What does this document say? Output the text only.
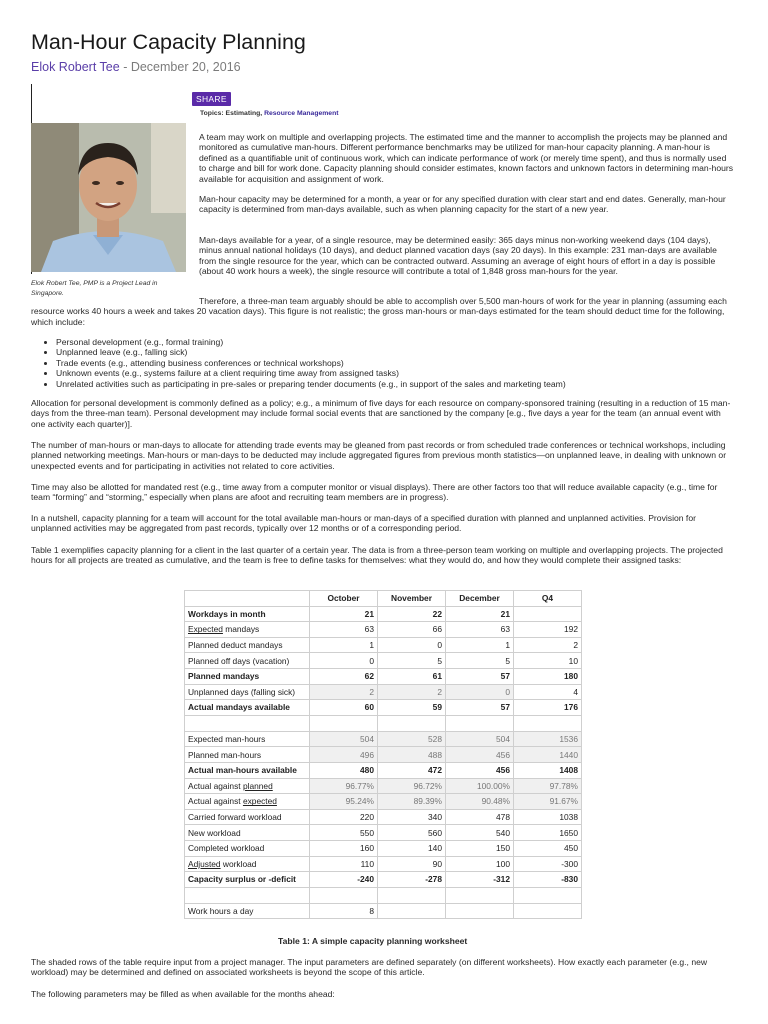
Man-Hour Capacity Planning
Elok Robert Tee - December 20, 2016
Elok Robert Tee, PMP is a Project Lead in Singapore.
SHARE
Topics: Estimating, Resource Management

A team may work on multiple and overlapping projects. The estimated time and the manner to accomplish the projects may be planned and monitored as cumulative man-hours. Different performance benchmarks may be utilized for man-hour capacity planning. A man-hour is defined as a quantifiable unit of continuous work, which can indicate performance of work (or merely time spent), and thus is normally used to charge and bill for work done. Capacity planning should consider estimates, known factors and unknown factors in determining man-hours available for acquisition and assignment of work.

Man-hour capacity may be determined for a month, a year or for any specified duration with clear start and end dates. Generally, man-hour capacity is determined from man-days available, such as when planning capacity for the start of a new year.

Man-days available for a year, of a single resource, may be determined easily: 365 days minus non-working weekend days (104 days), minus annual national holidays (10 days), and deduct planned vacation days (say 20 days). In this example: 231 man-days are available from the single resource for the year, which can be contracted outward. Assuming an average of eight hours of effort in a day is possible (about 40 work hours a week), the single resource will contribute a total of 1,848 gross man-hours for the year.

Therefore, a three-man team arguably should be able to accomplish over 5,500 man-hours of work for the year in planning (assuming each resource works 40 hours a week and takes 20 vacation days). This figure is not realistic; the gross man-hours or man-days estimated for the team should deduct time for the following, which include:

• Personal development (e.g., formal training)
• Unplanned leave (e.g., falling sick)
• Trade events (e.g., attending business conferences or technical workshops)
• Unknown events (e.g., systems failure at a client requiring time away from assigned tasks)
• Unrelated activities such as participating in pre-sales or preparing tender documents (e.g., in support of the sales and marketing team)

Allocation for personal development is commonly defined as a policy; e.g., a minimum of five days for each resource on company-sponsored training (resulting in a reduction of 15 man-days from the three-man team). Personal development may include formal social events that are sanctioned by the company [e.g., five days a year for the team (an annual event with one activity each quarter)].

The number of man-hours or man-days to allocate for attending trade events may be gleaned from past records or from scheduled trade conferences or technical workshops, including planned networking meetings. Man-hours or man-days to be deducted may include aggregated figures from previous month statistics—on unplanned leave, in dealing with unknown or unexpected events and for participating in activities not related to core activities.

Time may also be allotted for mandated rest (e.g., time away from a computer monitor or visual displays). There are other factors too that will reduce available capacity (e.g., time for team “forming” and “storming,” especially when plans are afoot and recruiting team members are in progress).

In a nutshell, capacity planning for a team will account for the total available man-hours or man-days of a specified duration with planned and unplanned activities. Provision for unplanned activities may be aggregated from past records, typically over 12 months or of a corresponding period.

Table 1 exemplifies capacity planning for a client in the last quarter of a certain year. The data is from a three-person team working on multiple and overlapping projects. The projected hours for all projects are treated as cumulative, and the team is free to define tasks for themselves: what they would do, and how they would complete their assigned tasks:

	October	November	December	Q4
Workdays in month	21	22	21	
Expected mandays	63	66	63	192
Planned deduct mandays	1	0	1	2
Planned off days (vacation)	0	5	5	10
Planned mandays	62	61	57	180
Unplanned days (falling sick)	2	2	0	4
Actual mandays available	60	59	57	176

Expected man-hours	504	528	504	1536
Planned man-hours	496	488	456	1440
Actual man-hours available	480	472	456	1408
Actual against planned	96.77%	96.72%	100.00%	97.78%
Actual against expected	95.24%	89.39%	90.48%	91.67%
Carried forward workload	220	340	478	1038
New workload	550	560	540	1650
Completed workload	160	140	150	450
Adjusted workload	110	90	100	-300
Capacity surplus or -deficit	-240	-278	-312	-830

Work hours a day	8			
Table 1: A simple capacity planning worksheet

The shaded rows of the table require input from a project manager. The input parameters are defined separately (on different worksheets). How exactly each parameter (e.g., new workload) may be determined and defined on associated worksheets is beyond the scope of this article.

The following parameters may be filled as when available for the months ahead:
